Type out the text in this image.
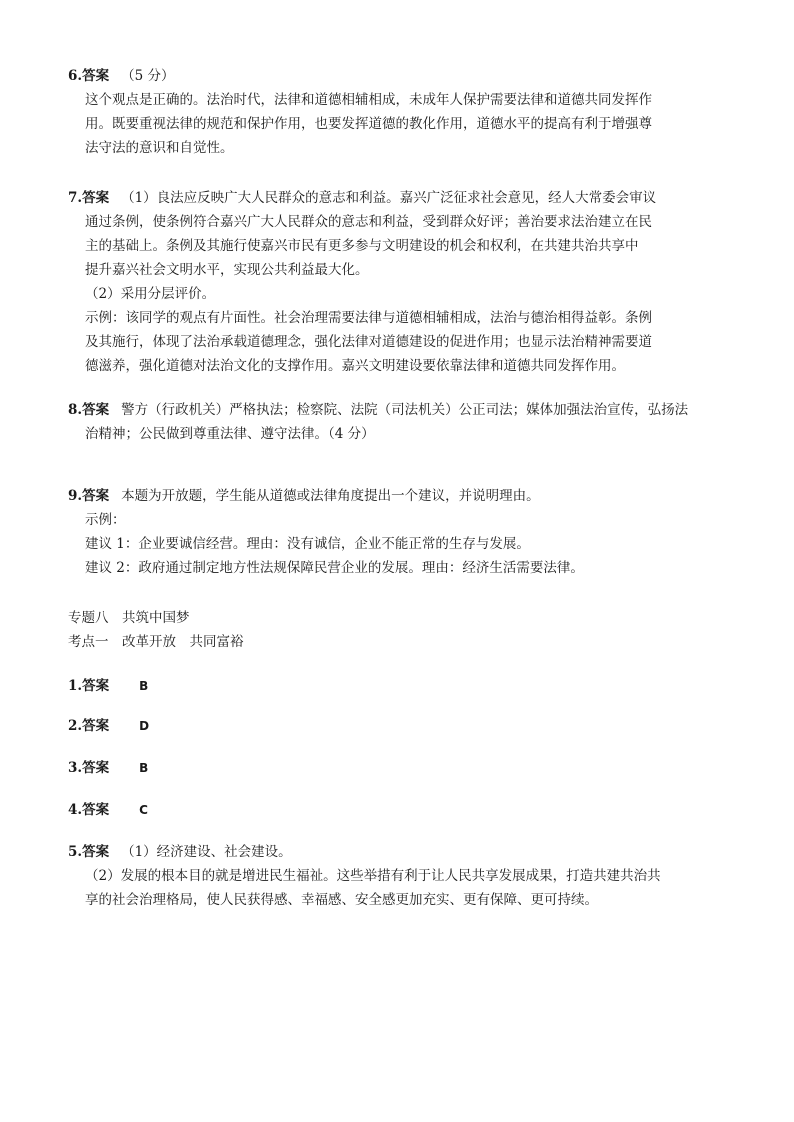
6.答案 （5 分）
这个观点是正确的。法治时代，法律和道德相辅相成，未成年人保护需要法律和道德共同发挥作
用。既要重视法律的规范和保护作用，也要发挥道德的教化作用，道德水平的提高有利于增强尊
法守法的意识和自觉性。
7.答案 （1）良法应反映广大人民群众的意志和利益。嘉兴广泛征求社会意见，经人大常委会审议
通过条例，使条例符合嘉兴广大人民群众的意志和利益，受到群众好评；善治要求法治建立在民
主的基础上。条例及其施行使嘉兴市民有更多参与文明建设的机会和权利，在共建共治共享中
提升嘉兴社会文明水平，实现公共利益最大化。
（2）采用分层评价。
示例：该同学的观点有片面性。社会治理需要法律与道德相辅相成，法治与德治相得益彰。条例
及其施行，体现了法治承载道德理念，强化法律对道德建设的促进作用；也显示法治精神需要道
德滋养，强化道德对法治文化的支撑作用。嘉兴文明建设要依靠法律和道德共同发挥作用。
8.答案 警方（行政机关）严格执法；检察院、法院（司法机关）公正司法；媒体加强法治宣传，弘扬法
治精神；公民做到尊重法律、遵守法律。（4 分）
9.答案 本题为开放题，学生能从道德或法律角度提出一个建议，并说明理由。
示例：
建议 1：企业要诚信经营。理由：没有诚信，企业不能正常的生存与发展。
建议 2：政府通过制定地方性法规保障民营企业的发展。理由：经济生活需要法律。
专题八　共筑中国梦
考点一　改革开放　共同富裕
1.答案	B
2.答案	D
3.答案	B
4.答案	C
5.答案 （1）经济建设、社会建设。
（2）发展的根本目的就是增进民生福祉。这些举措有利于让人民共享发展成果，打造共建共治共
享的社会治理格局，使人民获得感、幸福感、安全感更加充实、更有保障、更可持续。
